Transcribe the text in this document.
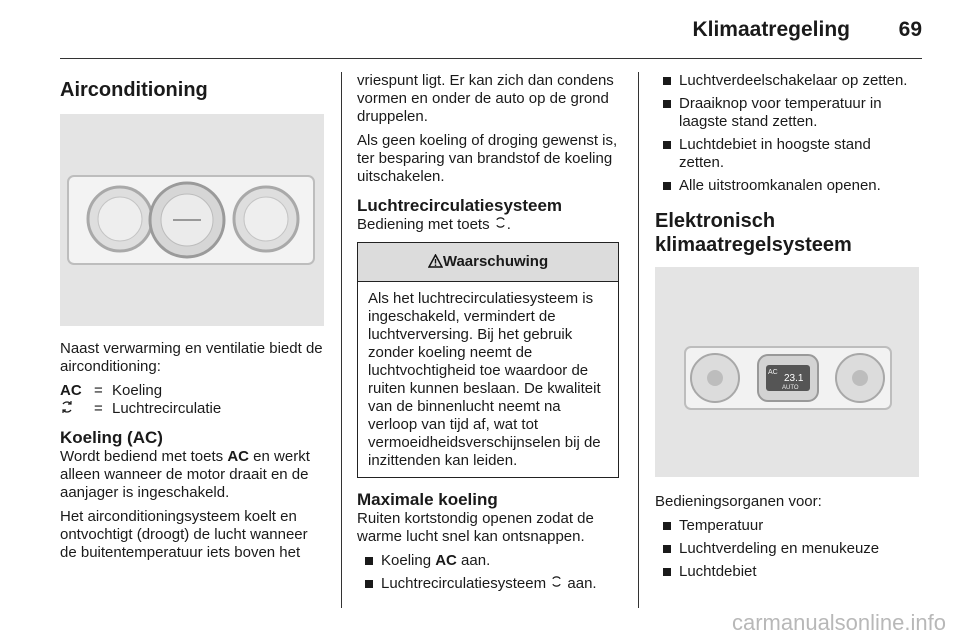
Klimaatregeling 69
Airconditioning

Naast verwarming en ventilatie biedt de airconditioning:

AC = Koeling
= Luchtrecirculatie
Koeling (AC)

Wordt bediend met toets AC en werkt alleen wanneer de motor draait en de aanjager is ingeschakeld.

Het airconditioningsysteem koelt en ontvochtigt (droogt) de lucht wanneer de buitentemperatuur iets boven het

vriespunt ligt. Er kan zich dan condens vormen en onder de auto op de grond druppelen.

Als geen koeling of droging gewenst is, ter besparing van brandstof de koeling uitschakelen.

Luchtrecirculatiesysteem

Bediening met toets .

Waarschuwing
Als het luchtrecirculatiesysteem is ingeschakeld, vermindert de luchtverversing. Bij het gebruik zonder koeling neemt de luchtvochtigheid toe waardoor de ruiten kunnen beslaan. De kwaliteit van de binnenlucht neemt na verloop van tijd af, wat tot vermoeidheidsverschijnselen bij de inzittenden kan leiden.
Maximale koeling

Ruiten kortstondig openen zodat de warme lucht snel kan ontsnappen.

Koeling AC aan.
Luchtrecirculatiesysteem  aan.
Luchtverdeelschakelaar op zetten.
Draaiknop voor temperatuur in laagste stand zetten.
Luchtdebiet in hoogste stand zetten.
Alle uitstroomkanalen openen.
Elektronisch
klimaatregelsysteem
AC
23.1
AUTO

Bedieningsorganen voor:

Temperatuur
Luchtverdeling en menukeuze
Luchtdebiet
carmanualsonline.info
